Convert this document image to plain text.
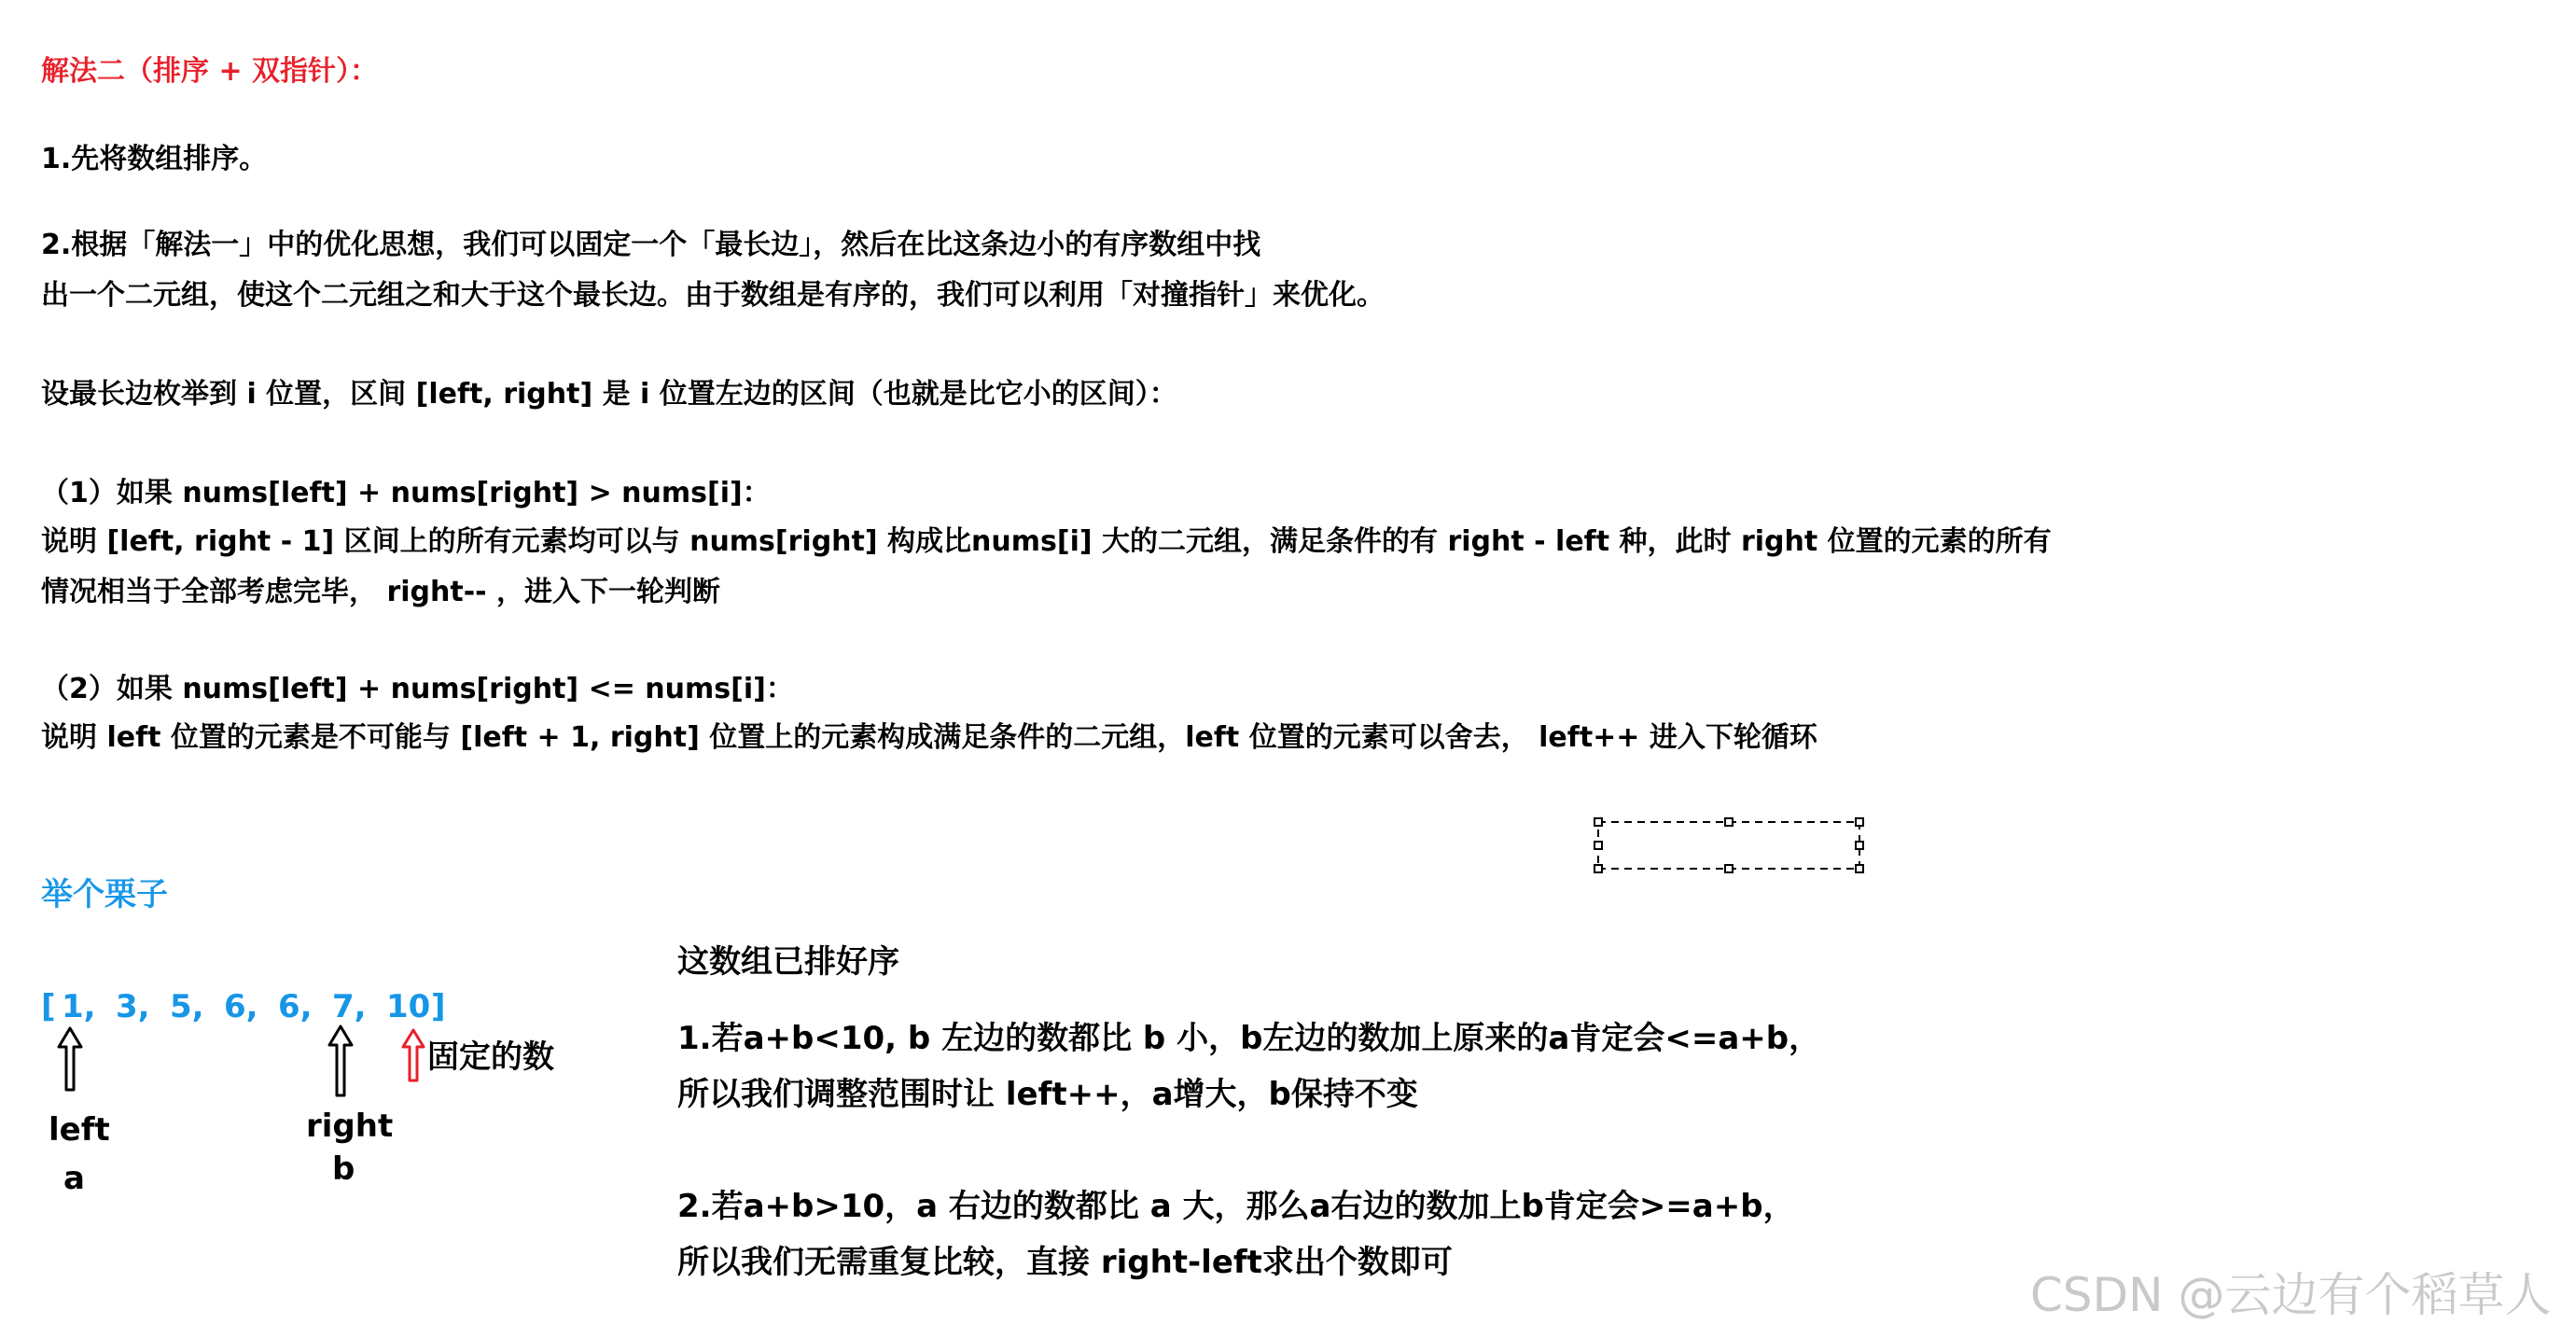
解法二（排序 + 双指针）：
1.先将数组排序。
2.根据「解法一」中的优化思想，我们可以固定一个「最长边」，然后在比这条边小的有序数组中找
出一个二元组，使这个二元组之和大于这个最长边。由于数组是有序的，我们可以利用「对撞指针」来优化。
设最长边枚举到 i 位置，区间 [left, right] 是 i 位置左边的区间（也就是比它小的区间）：
（1）如果 nums[left] + nums[right] > nums[i]：
说明 [left, right - 1] 区间上的所有元素均可以与 nums[right] 构成比nums[i] 大的二元组，满足条件的有 right - left 种，此时 right 位置的元素的所有
情况相当于全部考虑完毕， right-- ，进入下一轮判断
（2）如果 nums[left] + nums[right] <= nums[i]：
说明 left 位置的元素是不可能与 [left + 1, right] 位置上的元素构成满足条件的二元组，left 位置的元素可以舍去， left++ 进入下轮循环
举个栗子
[ 1, 3, 5, 6, 6, 7, 10 ]
固定的数
left
a
right
b
这数组已排好序
1.若a+b<10, b 左边的数都比 b 小，b左边的数加上原来的a肯定会<=a+b，
所以我们调整范围时让 left++，a增大，b保持不变
2.若a+b>10，a 右边的数都比 a 大，那么a右边的数加上b肯定会>=a+b，
所以我们无需重复比较，直接 right-left求出个数即可
CSDN @云边有个稻草人
